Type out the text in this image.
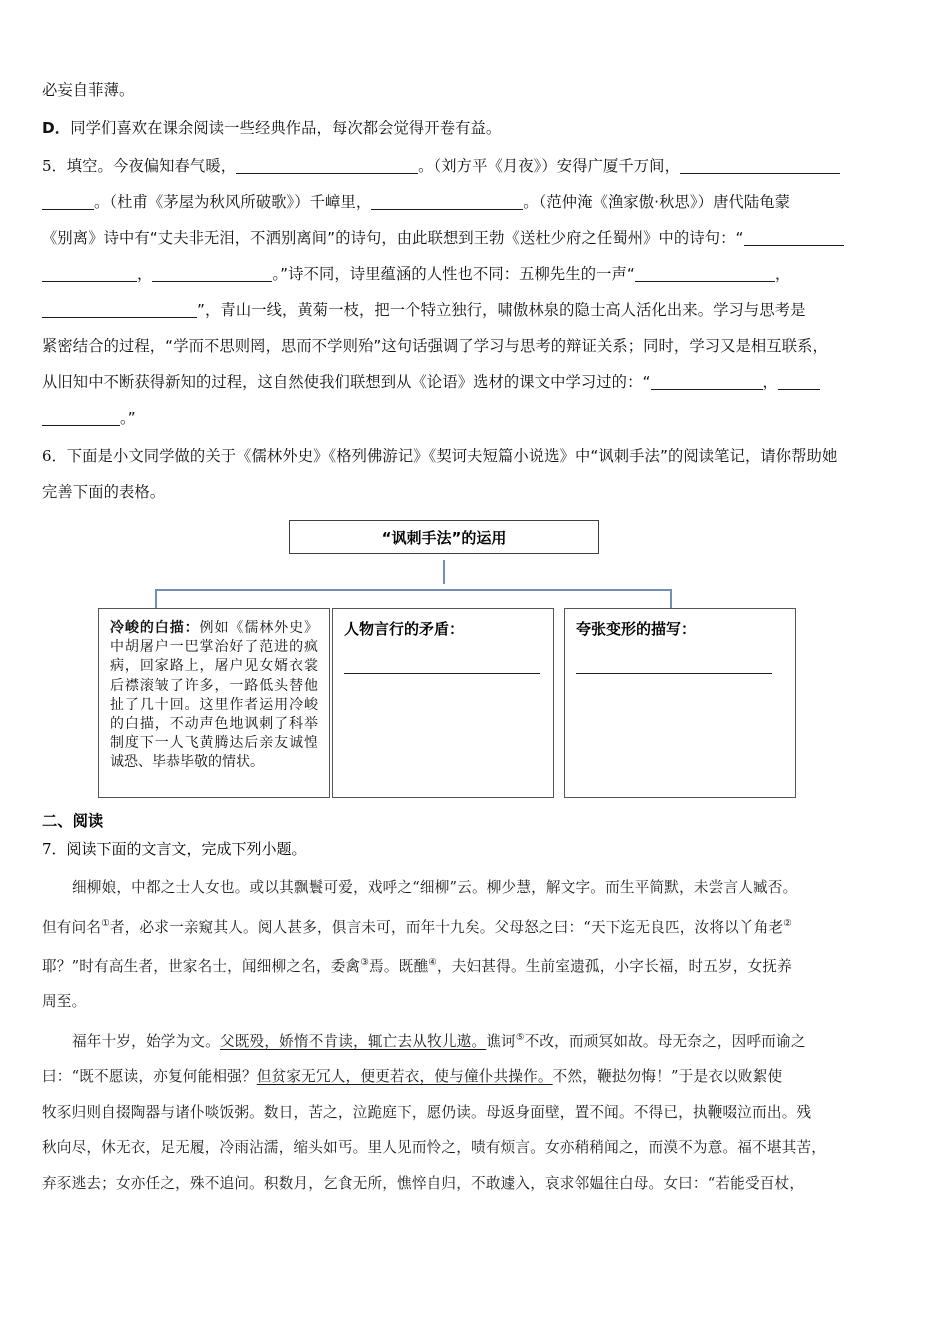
必妄自菲薄。
D．同学们喜欢在课余阅读一些经典作品，每次都会觉得开卷有益。
5．填空。今夜偏知春气暖，	。（刘方平《月夜》）安得广厦千万间，
。（杜甫《茅屋为秋风所破歌》）千嶂里，	。（范仲淹《渔家傲·秋思》）唐代陆龟蒙
《别离》诗中有“丈夫非无泪，不洒别离间”的诗句，由此联想到王勃《送杜少府之任蜀州》中的诗句：“
，	。”诗不同，诗里蕴涵的人性也不同：五柳先生的一声“	，
”，青山一线，黄菊一枝，把一个特立独行，啸傲林泉的隐士高人活化出来。学习与思考是
紧密结合的过程，“学而不思则罔，思而不学则殆”这句话强调了学习与思考的辩证关系；同时，学习又是相互联系，
从旧知中不断获得新知的过程，这自然使我们联想到从《论语》选材的课文中学习过的：“	，
。”
6．下面是小文同学做的关于《儒林外史》《格列佛游记》《契诃夫短篇小说选》中“讽刺手法”的阅读笔记，请你帮助她
完善下面的表格。
“讽刺手法”的运用
冷峻的白描：例如《儒林外史》中胡屠户一巴掌治好了范进的疯病，回家路上，屠户见女婿衣裳后襟滚皱了许多，一路低头替他扯了几十回。这里作者运用冷峻的白描，不动声色地讽刺了科举制度下一人飞黄腾达后亲友诚惶诚恐、毕恭毕敬的情状。
人物言行的矛盾：	夸张变形的描写：
二、阅读
7．阅读下面的文言文，完成下列小题。
细柳娘，中都之士人女也。或以其飘鬟可爱，戏呼之“细柳”云。柳少慧，解文字。而生平简默，未尝言人臧否。
但有问名①者，必求一亲窥其人。阅人甚多，俱言未可，而年十九矣。父母怒之曰：“天下迄无良匹，汝将以丫角老②
耶？”时有高生者，世家名士，闻细柳之名，委禽③焉。既醮④，夫妇甚得。生前室遗孤，小字长福，时五岁，女抚养
周至。
福年十岁，始学为文。父既殁，娇惰不肯读，辄亡去从牧儿遨。谯诃⑤不改，而顽冥如故。母无奈之，因呼而谕之
曰：“既不愿读，亦复何能相强？但贫家无冗人，便更若衣，使与僮仆共操作。不然，鞭挞勿悔！”于是衣以败絮使
牧豕归则自掇陶器与诸仆啖饭粥。数日，苦之，泣跪庭下，愿仍读。母返身面壁，置不闻。不得已，执鞭啜泣而出。残
秋向尽，休无衣，足无履，冷雨沾濡，缩头如丐。里人见而怜之，啧有烦言。女亦稍稍闻之，而漠不为意。福不堪其苦，
弃豕逃去；女亦任之，殊不追问。积数月，乞食无所，憔悴自归，不敢遽入，哀求邻媪往白母。女曰：“若能受百杖，
